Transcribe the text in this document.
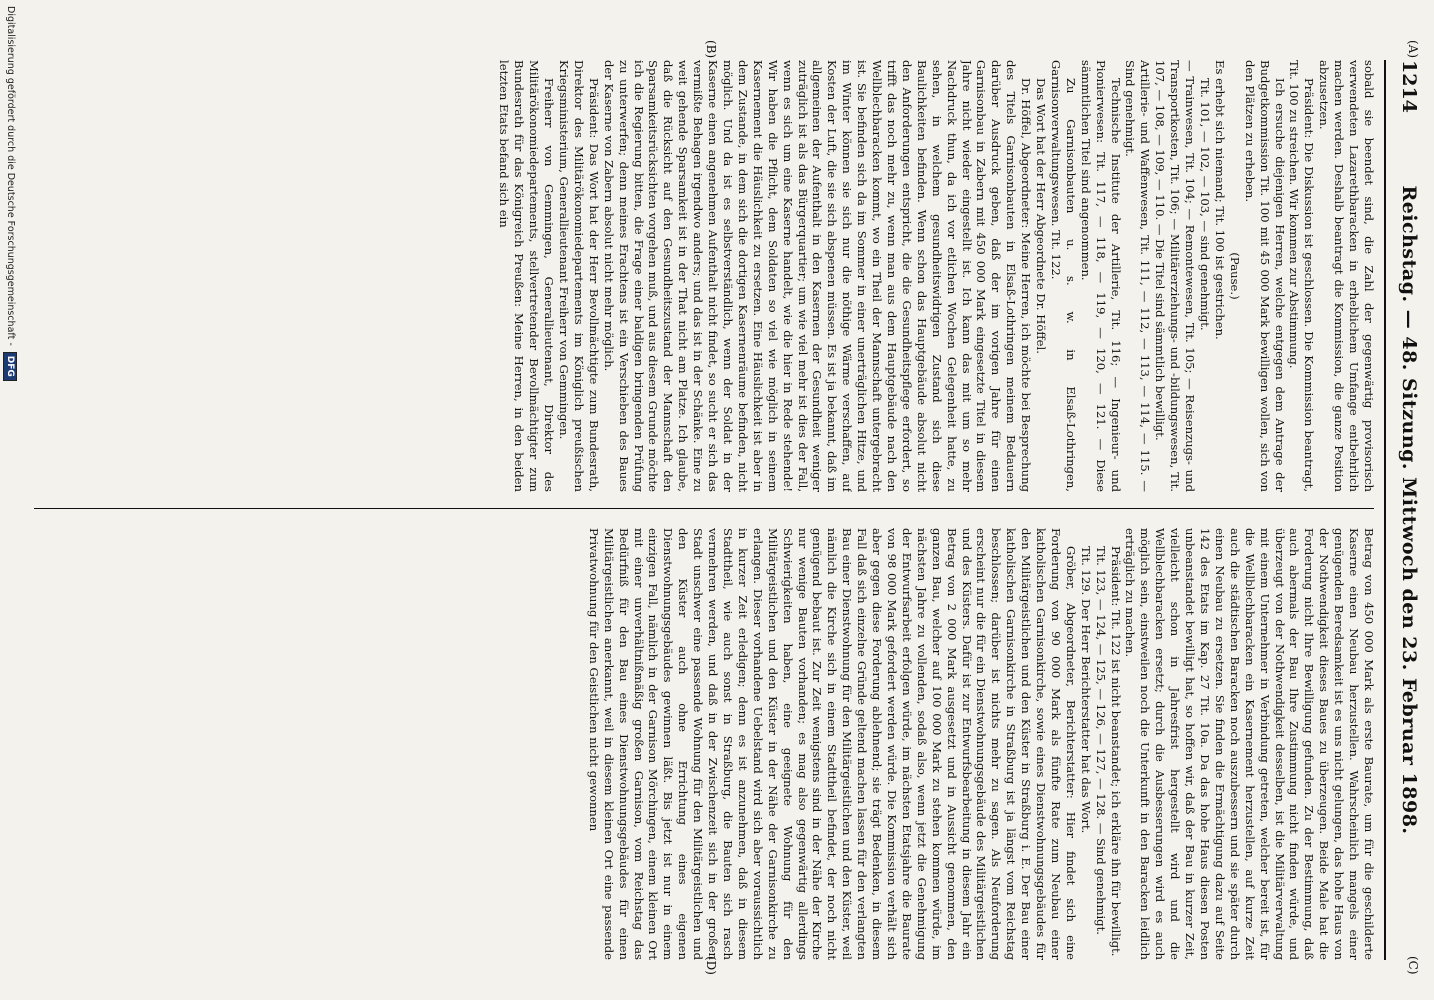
(A)
(B)
(C)
(D)
1214
Reichstag. — 48. Sitzung. Mittwoch den 23. Februar 1898.

sobald sie beendet sind, die Zahl der gegenwärtig provisorisch verwendeten Lazarethbaracken in erheblichem Umfange entbehrlich machen werden. Deshalb beantragt die Kommission, die ganze Position abzusetzen.

Präsident: Die Diskussion ist geschlossen. Die Kommission beantragt, Tit. 100 zu streichen. Wir kommen zur Abstimmung.

Ich ersuche diejenigen Herren, welche entgegen dem Antrage der Budgetkommission Tit. 100 mit 45 000 Mark bewilligen wollen, sich von den Plätzen zu erheben.

(Pause.)

Es erhebt sich niemand; Tit. 100 ist gestrichen.

Tit. 101, — 102, — 103, — sind genehmigt.

— Trainwesen, Tit. 104; — Remontewesen, Tit. 105; — Reisenzugs- und Transportkosten, Tit. 106; — Militärerziehungs- und -bildungswesen, Tit. 107, — 108, — 109, — 110. — Die Titel sind sämmtlich bewilligt.

Artillerie- und Waffenwesen, Tit. 111, — 112, — 113, — 114, — 115. — Sind genehmigt.

Technische Institute der Artillerie, Tit. 116; — Ingenieur- und Pionierwesen: Tit. 117, — 118, — 119, — 120, — 121. — Diese sämmtlichen Titel sind angenommen.

Zu Garnisonbauten u. s. w. in Elsaß-Lothringen, Garnisonverwaltungswesen. Tit. 122.

Das Wort hat der Herr Abgeordnete Dr. Höffel.

Dr. Höffel, Abgeordneter: Meine Herren, ich möchte bei Besprechung des Titels Garnisonbauten in Elsaß-Lothringen meinem Bedauern darüber Ausdruck geben, daß der im vorigen Jahre für einen Garnisonbau in Zabern mit 450 000 Mark eingesetzte Titel in diesem Jahre nicht wieder eingestellt ist. Ich kann das mit um so mehr Nachdruck thun, da ich vor etlichen Wochen Gelegenheit hatte, zu sehen, in welchem gesundheitswidrigen Zustand sich diese Baulichkeiten befinden. Wenn schon das Hauptgebäude absolut nicht den Anforderungen entspricht, die die Gesundheitspflege erfordert, so trifft das noch mehr zu, wenn man aus dem Hauptgebäude nach den Wellblechbaracken kommt, wo ein Theil der Mannschaft untergebracht ist. Sie befinden sich da im Sommer in einer unerträglichen Hitze, und im Winter können sie sich nur die nöthige Wärme verschaffen, auf Kosten der Luft, die sie sich abspenen müssen. Es ist ja bekannt, daß im allgemeinen der Aufenthalt in den Kasernen der Gesundheit weniger zuträglich ist als das Bürgerquartier; um wie viel mehr ist dies der Fall, wenn es sich um eine Kaserne handelt, wie die hier in Rede stehende! Wir haben die Pflicht, dem Soldaten so viel wie möglich in seinem Kasernement die Häuslichkeit zu ersetzen. Eine Häuslichkeit ist aber in dem Zustande, in dem sich die dortigen Kasernenräume befinden, nicht möglich. Und da ist es selbstverständlich, wenn der Soldat in der Kaserne einen angenehmen Aufenthalt nicht findet, so sucht er sich das vermißte Behagen irgendwo anders; und das ist in der Schänke. Eine zu weit gehende Sparsamkeit ist in der That nicht am Platze. Ich glaube, daß die Rücksicht auf den Gesundheitszustand der Mannschaft den Sparsamkeitsrücksichten vorgehen muß, und aus diesem Grunde möchte ich die Regierung bitten, die Frage einer baldigen bringenden Prüfung zu unterwerfen; denn meines Erachtens ist ein Verschieben des Baues der Kaserne von Zabern absolut nicht mehr möglich.

Präsident: Das Wort hat der Herr Bevollmächtigte zum Bundesrath, Direktor des Militärökonomiedepartements im Königlich preußischen Kriegsministerium, Generallieutenant Freiherr von Gemmingen.

Freiherr von Gemmingen, Generallieutenant, Direktor des Militärökonomiedepartements, stellvertretender Bevollmächtigter zum Bundesrath für das Königreich Preußen: Meine Herren, in den beiden letzten Etats befand sich ein

Betrag von 450 000 Mark als erste Baurate, um für die geschilderte Kaserne einen Neubau herzustellen. Wahrscheinlich mangels einer genügenden Beredsamkeit ist es uns nicht gelungen, das hohe Haus von der Nothwendigkeit dieses Baues zu überzeugen. Beide Male hat die Forderung nicht Ihre Bewilligung gefunden. Zu der Bestimmung, daß auch abermals der Bau Ihre Zustimmung nicht finden würde, und überzeugt von der Nothwendigkeit desselben, ist die Militärverwaltung mit einem Unternehmer in Verbindung getreten, welcher bereit ist, für die Wellblechbaracken ein Kasernement herzustellen, auf kurze Zeit auch die städtischen Baracken noch auszubessern und sie später durch einen Neubau zu ersetzen. Sie finden die Ermächtigung dazu auf Seite 142 des Etats im Kap. 27 Tit. 10a. Da das hohe Haus diesen Posten unbeanstandet bewilligt hat, so hoffen wir, daß der Bau in kurzer Zeit, vielleicht schon in Jahresfrist hergestellt wird und die Wellblechbaracken ersetzt; durch die Ausbesserungen wird es auch möglich sein, einstweilen noch die Unterkunft in den Baracken leidlich erträglich zu machen.

Präsident: Tit. 122 ist nicht beanstandet; ich erkläre ihn für bewilligt.

Tit. 123, — 124, — 125, — 126, — 127, — 128. — Sind genehmigt.

Tit. 129. Der Herr Berichterstatter hat das Wort.

Gröber, Abgeordneter, Berichterstatter: Hier findet sich eine Forderung von 90 000 Mark als fünfte Rate zum Neubau einer katholischen Garnisonkirche, sowie eines Dienstwohnungsgebäudes für den Militärgeistlichen und den Küster in Straßburg i. E. Der Bau einer katholischen Garnisonkirche in Straßburg ist ja längst vom Reichstag beschlossen; darüber ist nichts mehr zu sagen. Als Neuforderung erscheint nur die für ein Dienstwohnungsgebäude des Militärgeistlichen und des Küsters. Dafür ist zur Entwurfsbearbeitung in diesem Jahr ein Betrag von 2 000 Mark ausgesetzt und in Aussicht genommen, den ganzen Bau, welcher auf 100 000 Mark zu stehen kommen würde, im nächsten Jahre zu vollenden, sodaß also, wenn jetzt die Genehmigung der Entwurfsarbeit erfolgen würde, im nächsten Etatsjahre die Baurate von 98 000 Mark gefordert werden würde. Die Kommission verhält sich aber gegen diese Forderung ablehnend; sie trägt Bedenken, in diesem Fall daß sich einzelne Gründe geltend machen lassen für den verlangten Bau einer Dienstwohnung für den Militärgeistlichen und den Küster, weil nämlich die Kirche sich in einem Stadttheil befindet, der noch nicht genügend bebaut ist. Zur Zeit wenigstens sind in der Nähe der Kirche nur wenige Bauten vorhanden; es mag also gegenwärtig allerdings Schwierigkeiten haben, eine geeignete Wohnung für den Militärgeistlichen und den Küster in der Nähe der Garnisonkirche zu erlangen. Dieser vorhandene Uebelstand wird sich aber voraussichtlich in kurzer Zeit erledigen; denn es ist anzunehmen, daß in diesem Stadttheil, wie auch sonst in Straßburg, die Bauten sich rasch vermehren werden, und daß in der Zwischenzeit sich in der großen Stadt unschwer eine passende Wohnung für den Militärgeistlichen und den Küster auch ohne Errichtung eines eigenen Dienstwohnungsgebäudes gewinnen läßt. Bis jetzt ist nur in einem einzigen Fall, nämlich in der Garnison Mörchingen, einem kleinen Ort mit einer unverhältnißmäßig großen Garnison, vom Reichstag das Bedürfniß für den Bau eines Dienstwohnungsgebäudes für einen Militärgeistlichen anerkannt, weil in diesem kleinen Ort eine passende Privatwohnung für den Geistlichen nicht gewonnen

Digitalisierung gefördert durch die Deutsche Forschungsgemeinschaft -
DFG
